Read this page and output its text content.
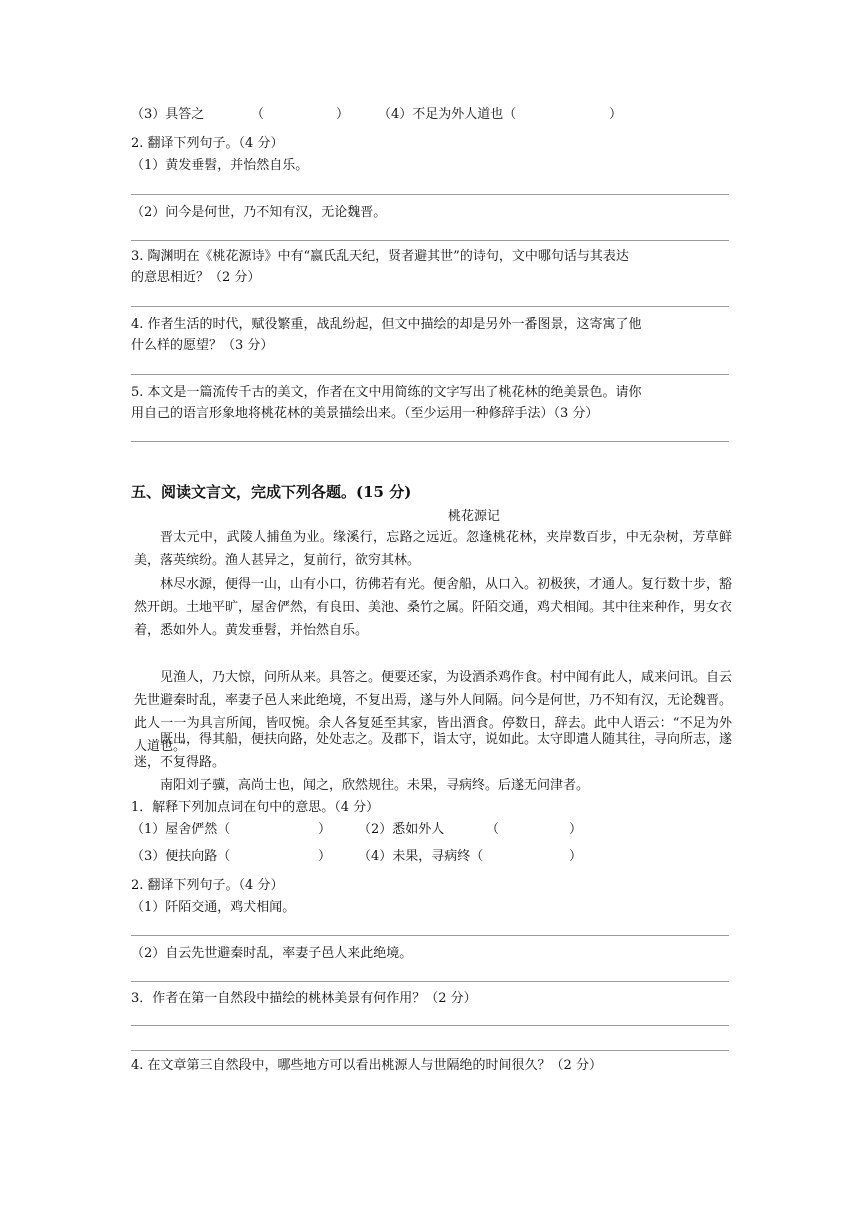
（3）具答之	（	） （4）不足为外人道也（	）
2. 翻译下列句子。（4 分）
（1）黄发垂髫，并怡然自乐。
（2）问今是何世，乃不知有汉，无论魏晋。
3. 陶渊明在《桃花源诗》中有“嬴氏乱天纪，贤者避其世”的诗句，文中哪句话与其表达
的意思相近？（2 分）
4. 作者生活的时代，赋役繁重，战乱纷起，但文中描绘的却是另外一番图景，这寄寓了他
什么样的愿望？（3 分）
5. 本文是一篇流传千古的美文，作者在文中用简练的文字写出了桃花林的绝美景色。请你
用自己的语言形象地将桃花林的美景描绘出来。（至少运用一种修辞手法）（3 分）
五、阅读文言文，完成下列各题。(15 分)
桃花源记

晋太元中，武陵人捕鱼为业。缘溪行，忘路之远近。忽逢桃花林，夹岸数百步，中无杂树，芳草鲜美，落英缤纷。渔人甚异之，复前行，欲穷其林。

林尽水源，便得一山，山有小口，彷佛若有光。便舍船，从口入。初极狭，才通人。复行数十步，豁然开朗。土地平旷，屋舍俨然，有良田、美池、桑竹之属。阡陌交通，鸡犬相闻。其中往来种作，男女衣着，悉如外人。黄发垂髫，并怡然自乐。

见渔人，乃大惊，问所从来。具答之。便要还家，为设酒杀鸡作食。村中闻有此人，咸来问讯。自云先世避秦时乱，率妻子邑人来此绝境，不复出焉，遂与外人间隔。问今是何世，乃不知有汉，无论魏晋。此人一一为具言所闻，皆叹惋。余人各复延至其家，皆出酒食。停数日，辞去。此中人语云：“不足为外人道也。”

既出，得其船，便扶向路，处处志之。及郡下，诣太守，说如此。太守即遣人随其往，寻向所志，遂迷，不复得路。

南阳刘子骥，高尚士也，闻之，欣然规往。未果，寻病终。后遂无问津者。

1．解释下列加点词在句中的意思。（4 分）
（1）屋舍俨然（	） （2）悉如外人	（	）
（3）便扶向路（	） （4）未果，寻病终（	）
2. 翻译下列句子。（4 分）
（1）阡陌交通，鸡犬相闻。
（2）自云先世避秦时乱，率妻子邑人来此绝境。
3．作者在第一自然段中描绘的桃林美景有何作用？（2 分）
4. 在文章第三自然段中，哪些地方可以看出桃源人与世隔绝的时间很久？（2 分）
